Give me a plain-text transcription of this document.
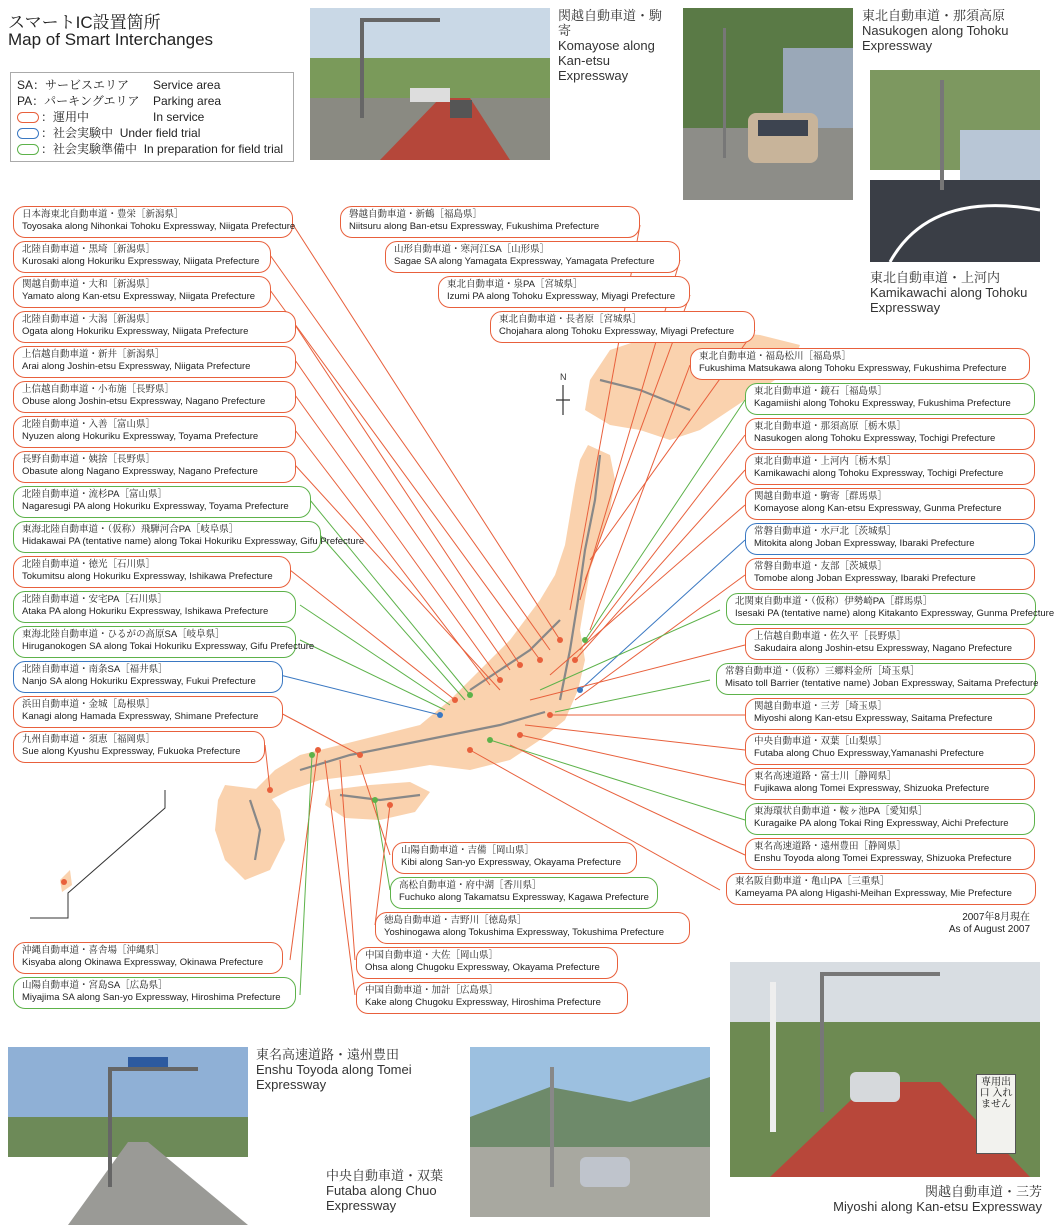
スマートIC設置箇所
Map of Smart Interchanges
SA：サービスエリア	Service area
PA：パーキングエリア	Parking area
：運用中	In service
：社会実験中 Under field trial
：社会実験準備中 In preparation for field trial
関越自動車道・駒寄
Komayose along Kan-etsu Expressway
東北自動車道・那須高原
Nasukogen along Tohoku Expressway
東北自動車道・上河内
Kamikawachi along Tohoku Expressway
東名高速道路・遠州豊田
Enshu Toyoda along Tomei Expressway
中央自動車道・双葉
Futaba along Chuo Expressway
専用出口 入れません
関越自動車道・三芳
Miyoshi along Kan-etsu Expressway
N
日本海東北自動車道・豊栄［新潟県］
Toyosaka along Nihonkai Tohoku Expressway, Niigata Prefecture
北陸自動車道・黒埼［新潟県］
Kurosaki along Hokuriku Expressway, Niigata Prefecture
関越自動車道・大和［新潟県］
Yamato along Kan-etsu Expressway, Niigata Prefecture
北陸自動車道・大潟［新潟県］
Ogata along Hokuriku Expressway, Niigata Prefecture
上信越自動車道・新井［新潟県］
Arai along Joshin-etsu Expressway, Niigata Prefecture
上信越自動車道・小布施［長野県］
Obuse along Joshin-etsu Expressway, Nagano Prefecture
北陸自動車道・入善［富山県］
Nyuzen along Hokuriku Expressway, Toyama Prefecture
長野自動車道・姨捨［長野県］
Obasute along Nagano Expressway, Nagano Prefecture
北陸自動車道・流杉PA［富山県］
Nagaresugi PA along Hokuriku Expressway, Toyama Prefecture
東海北陸自動車道・（仮称）飛騨河合PA［岐阜県］
Hidakawai PA (tentative name) along Tokai Hokuriku Expressway, Gifu Prefecture
北陸自動車道・徳光［石川県］
Tokumitsu along Hokuriku Expressway, Ishikawa Prefecture
北陸自動車道・安宅PA［石川県］
Ataka PA along Hokuriku Expressway, Ishikawa Prefecture
東海北陸自動車道・ひるがの高原SA［岐阜県］
Hiruganokogen SA along Tokai Hokuriku Expressway, Gifu Prefecture
北陸自動車道・南条SA［福井県］
Nanjo SA along Hokuriku Expressway, Fukui Prefecture
浜田自動車道・金城［島根県］
Kanagi along Hamada Expressway, Shimane Prefecture
九州自動車道・須恵［福岡県］
Sue along Kyushu Expressway, Fukuoka Prefecture
沖縄自動車道・喜舎場［沖縄県］
Kisyaba along Okinawa Expressway, Okinawa Prefecture
山陽自動車道・宮島SA［広島県］
Miyajima SA along San-yo Expressway, Hiroshima Prefecture
磐越自動車道・新鶴［福島県］
Niitsuru along Ban-etsu Expressway, Fukushima Prefecture
山形自動車道・寒河江SA［山形県］
Sagae SA along Yamagata Expressway, Yamagata Prefecture
東北自動車道・泉PA［宮城県］
Izumi PA along Tohoku Expressway, Miyagi Prefecture
東北自動車道・長者原［宮城県］
Chojahara along Tohoku Expressway, Miyagi Prefecture
東北自動車道・福島松川［福島県］
Fukushima Matsukawa along Tohoku Expressway, Fukushima Prefecture
東北自動車道・鏡石［福島県］
Kagamiishi along Tohoku Expressway, Fukushima Prefecture
東北自動車道・那須高原［栃木県］
Nasukogen along Tohoku Expressway, Tochigi Prefecture
東北自動車道・上河内［栃木県］
Kamikawachi along Tohoku Expressway, Tochigi Prefecture
関越自動車道・駒寄［群馬県］
Komayose along Kan-etsu Expressway, Gunma Prefecture
常磐自動車道・水戸北［茨城県］
Mitokita along Joban Expressway, Ibaraki Prefecture
常磐自動車道・友部［茨城県］
Tomobe along Joban Expressway, Ibaraki Prefecture
北関東自動車道・（仮称）伊勢崎PA［群馬県］
Isesaki PA (tentative name) along Kitakanto Expressway, Gunma Prefecture
上信越自動車道・佐久平［長野県］
Sakudaira along Joshin-etsu Expressway, Nagano Prefecture
常磐自動車道・（仮称）三郷料金所［埼玉県］
Misato toll Barrier (tentative name) Joban Expressway, Saitama Prefecture
関越自動車道・三芳［埼玉県］
Miyoshi along Kan-etsu Expressway, Saitama Prefecture
中央自動車道・双葉［山梨県］
Futaba along Chuo Expressway,Yamanashi Prefecture
東名高速道路・富士川［静岡県］
Fujikawa along Tomei Expressway, Shizuoka Prefecture
東海環状自動車道・鞍ヶ池PA［愛知県］
Kuragaike PA along Tokai Ring Expressway, Aichi Prefecture
東名高速道路・遠州豊田［静岡県］
Enshu Toyoda along Tomei Expressway, Shizuoka Prefecture
東名阪自動車道・亀山PA［三重県］
Kameyama PA along Higashi-Meihan Expressway, Mie Prefecture
山陽自動車道・吉備［岡山県］
Kibi along San-yo Expressway, Okayama Prefecture
高松自動車道・府中湖［香川県］
Fuchuko along Takamatsu Expressway, Kagawa Prefecture
徳島自動車道・吉野川［徳島県］
Yoshinogawa along Tokushima Expressway, Tokushima Prefecture
中国自動車道・大佐［岡山県］
Ohsa along Chugoku Expressway, Okayama Prefecture
中国自動車道・加計［広島県］
Kake along Chugoku Expressway, Hiroshima Prefecture
2007年8月現在
As of August 2007
